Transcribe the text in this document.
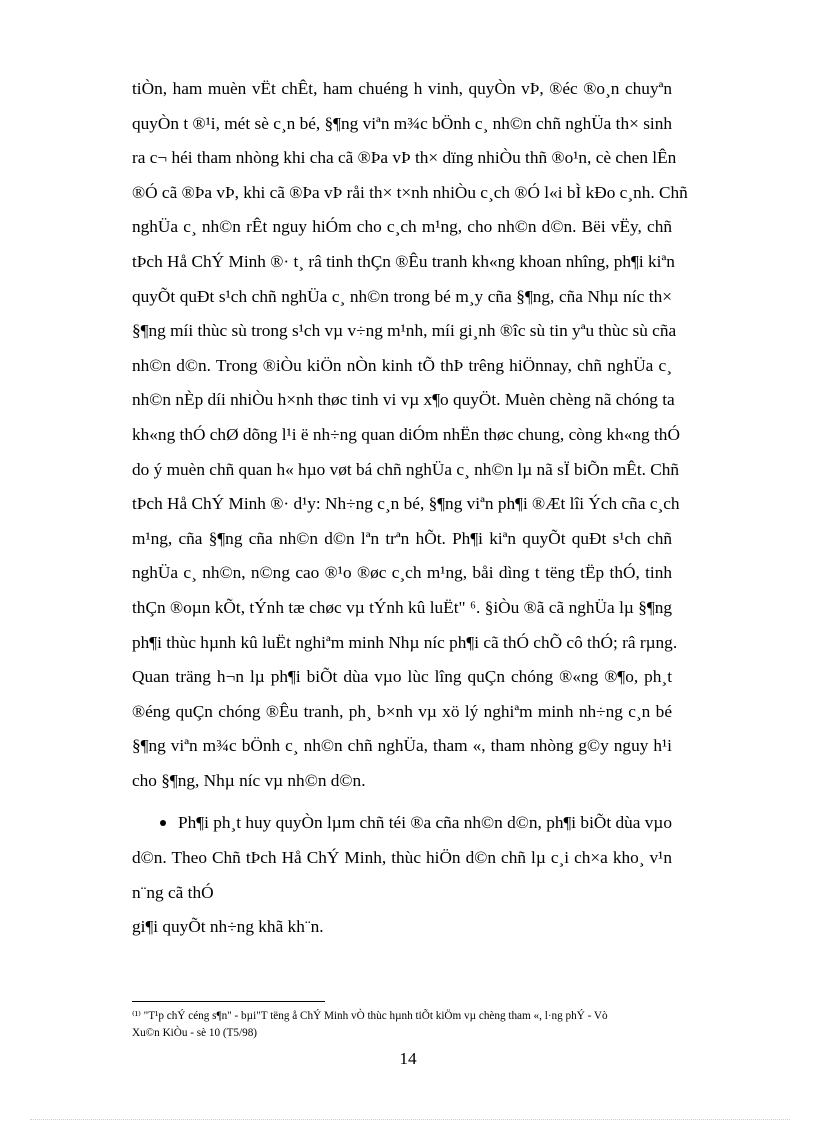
tiÒn, ham muèn vËt chÊt, ham chuéng h vinh, quyÒn vÞ, ®éc ®o¸n chuyªn
quyÒn t ®¹i, mét sè c¸n bé, §¶ng viªn m¾c bÖnh c¸ nh©n chñ nghÜa th× sinh
ra c¬ héi tham nhòng khi cha cã ®Þa vÞ th× dïng nhiÒu thñ ®o¹n, cè chen lÊn
®Ó cã ®Þa vÞ, khi cã ®Þa vÞ råi th× t×nh nhiÒu c¸ch ®Ó l«i bÌ kÐo c¸nh. Chñ
nghÜa c¸ nh©n rÊt nguy hiÓm cho c¸ch m¹ng, cho nh©n d©n. Bëi vËy, chñ
tÞch Hå ChÝ Minh ®· t¸ râ tinh thÇn ®Êu tranh kh«ng khoan nhîng, ph¶i kiªn
quyÕt quÐt s¹ch chñ nghÜa c¸ nh©n trong bé m¸y cña §¶ng, cña Nhµ níc th×
§¶ng míi thùc sù trong s¹ch vµ v÷ng m¹nh, míi gi¸nh ®îc sù tin yªu thùc sù cña
nh©n d©n. Trong ®iÒu kiÖn nÒn kinh tÕ thÞ trêng hiÖnnay, chñ nghÜa c¸
nh©n nÈp díi nhiÒu h×nh thøc tinh vi vµ x¶o quyÖt. Muèn chèng nã chóng ta
kh«ng thÓ chØ dõng l¹i ë nh÷ng quan diÓm nhËn thøc chung, còng kh«ng thÓ
do ý muèn chñ quan h« hµo vøt bá chñ nghÜa c¸ nh©n lµ nã sÏ biÕn mÊt. Chñ
tÞch Hå ChÝ Minh ®· d¹y: Nh÷ng c¸n bé, §¶ng viªn ph¶i ®Æt lîi Ých cña c¸ch
m¹ng, cña §¶ng cña nh©n d©n lªn trªn hÕt. Ph¶i kiªn quyÕt quÐt s¹ch chñ
nghÜa c¸ nh©n, n©ng cao ®¹o ®øc c¸ch m¹ng, båi dìng t tëng tËp thÓ, tinh
thÇn ®oµn kÕt, tÝnh tæ chøc vµ tÝnh kû luËt" ⁶. §iÒu ®ã cã nghÜa lµ §¶ng
ph¶i thùc hµnh kû luËt nghiªm minh Nhµ níc ph¶i cã thÓ chÕ cô thÓ; râ rµng.
Quan träng h¬n lµ ph¶i biÕt dùa vµo lùc lîng quÇn chóng ®«ng ®¶o, ph¸t
®éng quÇn chóng ®Êu tranh, ph¸ b×nh vµ xö lý nghiªm minh nh÷ng c¸n bé
§¶ng viªn m¾c bÖnh c¸ nh©n chñ nghÜa, tham «, tham nhòng g©y nguy h¹i
cho §¶ng, Nhµ níc vµ nh©n d©n.
Ph¶i ph¸t huy quyÒn lµm chñ téi ®a cña nh©n d©n, ph¶i biÕt dùa vµo
d©n. Theo Chñ tÞch Hå ChÝ Minh, thùc hiÖn d©n chñ lµ c¸i ch×a kho¸ v¹n
n¨ng cã thÓ
gi¶i quyÕt nh÷ng khã kh¨n.
⁽¹⁾ "T¹p chÝ céng s¶n" - bµi"T tëng å ChÝ Minh vÒ thùc hµnh tiÕt kiÖm vµ chèng tham «, l·ng phÝ - Vò
Xu©n KiÒu - sè 10 (T5/98)
14
